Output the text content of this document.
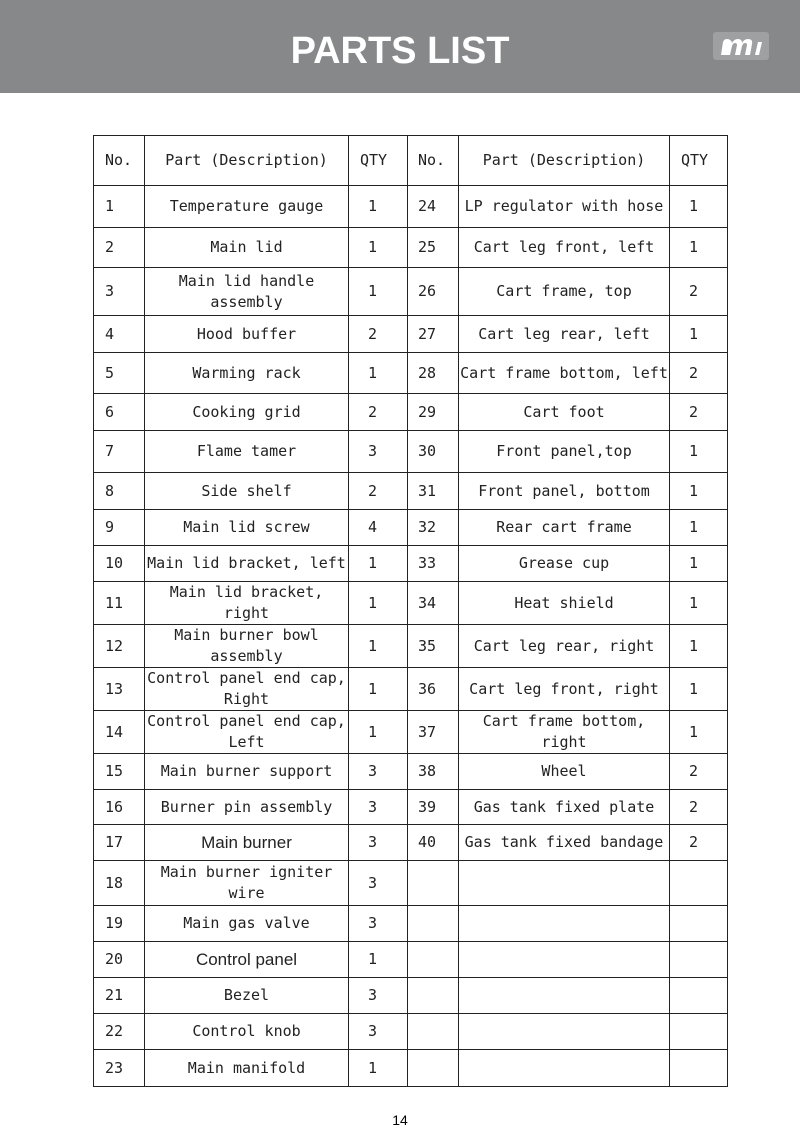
PARTS LIST
No.	Part (Description)	QTY	No.	Part (Description)	QTY
1	Temperature gauge	1	24	LP regulator with hose	1
2	Main lid	1	25	Cart leg front, left	1
3	Main lid handle assembly	1	26	Cart frame, top	2
4	Hood buffer	2	27	Cart leg rear, left	1
5	Warming rack	1	28	Cart frame bottom, left	2
6	Cooking grid	2	29	Cart foot	2
7	Flame tamer	3	30	Front panel,top	1
8	Side shelf	2	31	Front panel, bottom	1
9	Main lid screw	4	32	Rear cart frame	1
10	Main lid bracket, left	1	33	Grease cup	1
11	Main lid bracket, right	1	34	Heat shield	1
12	Main burner bowl assembly	1	35	Cart leg rear, right	1
13	Control panel end cap, Right	1	36	Cart leg front, right	1
14	Control panel end cap, Left	1	37	Cart frame bottom, right	1
15	Main burner support	3	38	Wheel	2
16	Burner pin assembly	3	39	Gas tank fixed plate	2
17	Main burner	3	40	Gas tank fixed bandage	2
18	Main burner igniter wire	3			
19	Main gas valve	3			
20	Control panel	1			
21	Bezel	3			
22	Control knob	3			
23	Main manifold	1			
14
